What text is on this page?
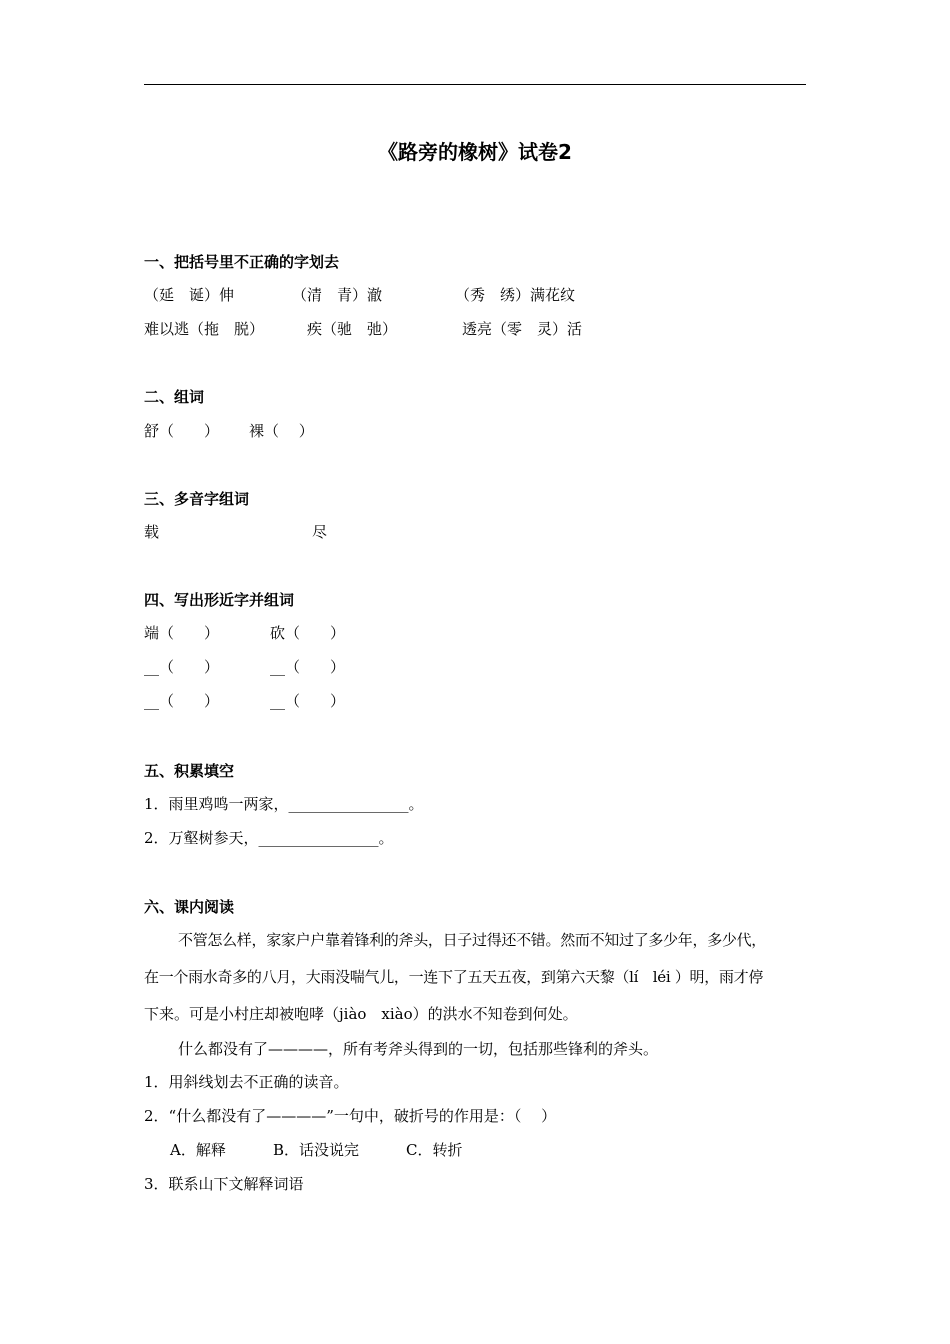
《路旁的橡树》试卷2
一、把括号里不正确的字划去
（延　诞）伸	（清　青）澈	（秀　绣）满花纹
难以逃（拖　脱）	疾（驰　弛）	透亮（零　灵）活
二、组词
舒（　　） 裸（　 ）
三、多音字组词
载	尽
四、写出形近字并组词
端（　　）	砍（　　）
__（　　）	__（　　）
__（　　）	__（　　）
五、积累填空
1．雨里鸡鸣一两家，________________。
2．万壑树参天，________________。
六、课内阅读
不管怎么样，家家户户靠着锋利的斧头，日子过得还不错。然而不知过了多少年，多少代，
在一个雨水奇多的八月，大雨没喘气儿，一连下了五天五夜，到第六天黎（lí　léi ）明，雨才停
下来。可是小村庄却被咆哮（jiào　xiào）的洪水不知卷到何处。
什么都没有了————，所有考斧头得到的一切，包括那些锋利的斧头。
1．用斜线划去不正确的读音。
2．“什么都没有了————”一句中，破折号的作用是：（　 ）
A．解释	B．话没说完	C．转折
3．联系山下文解释词语
